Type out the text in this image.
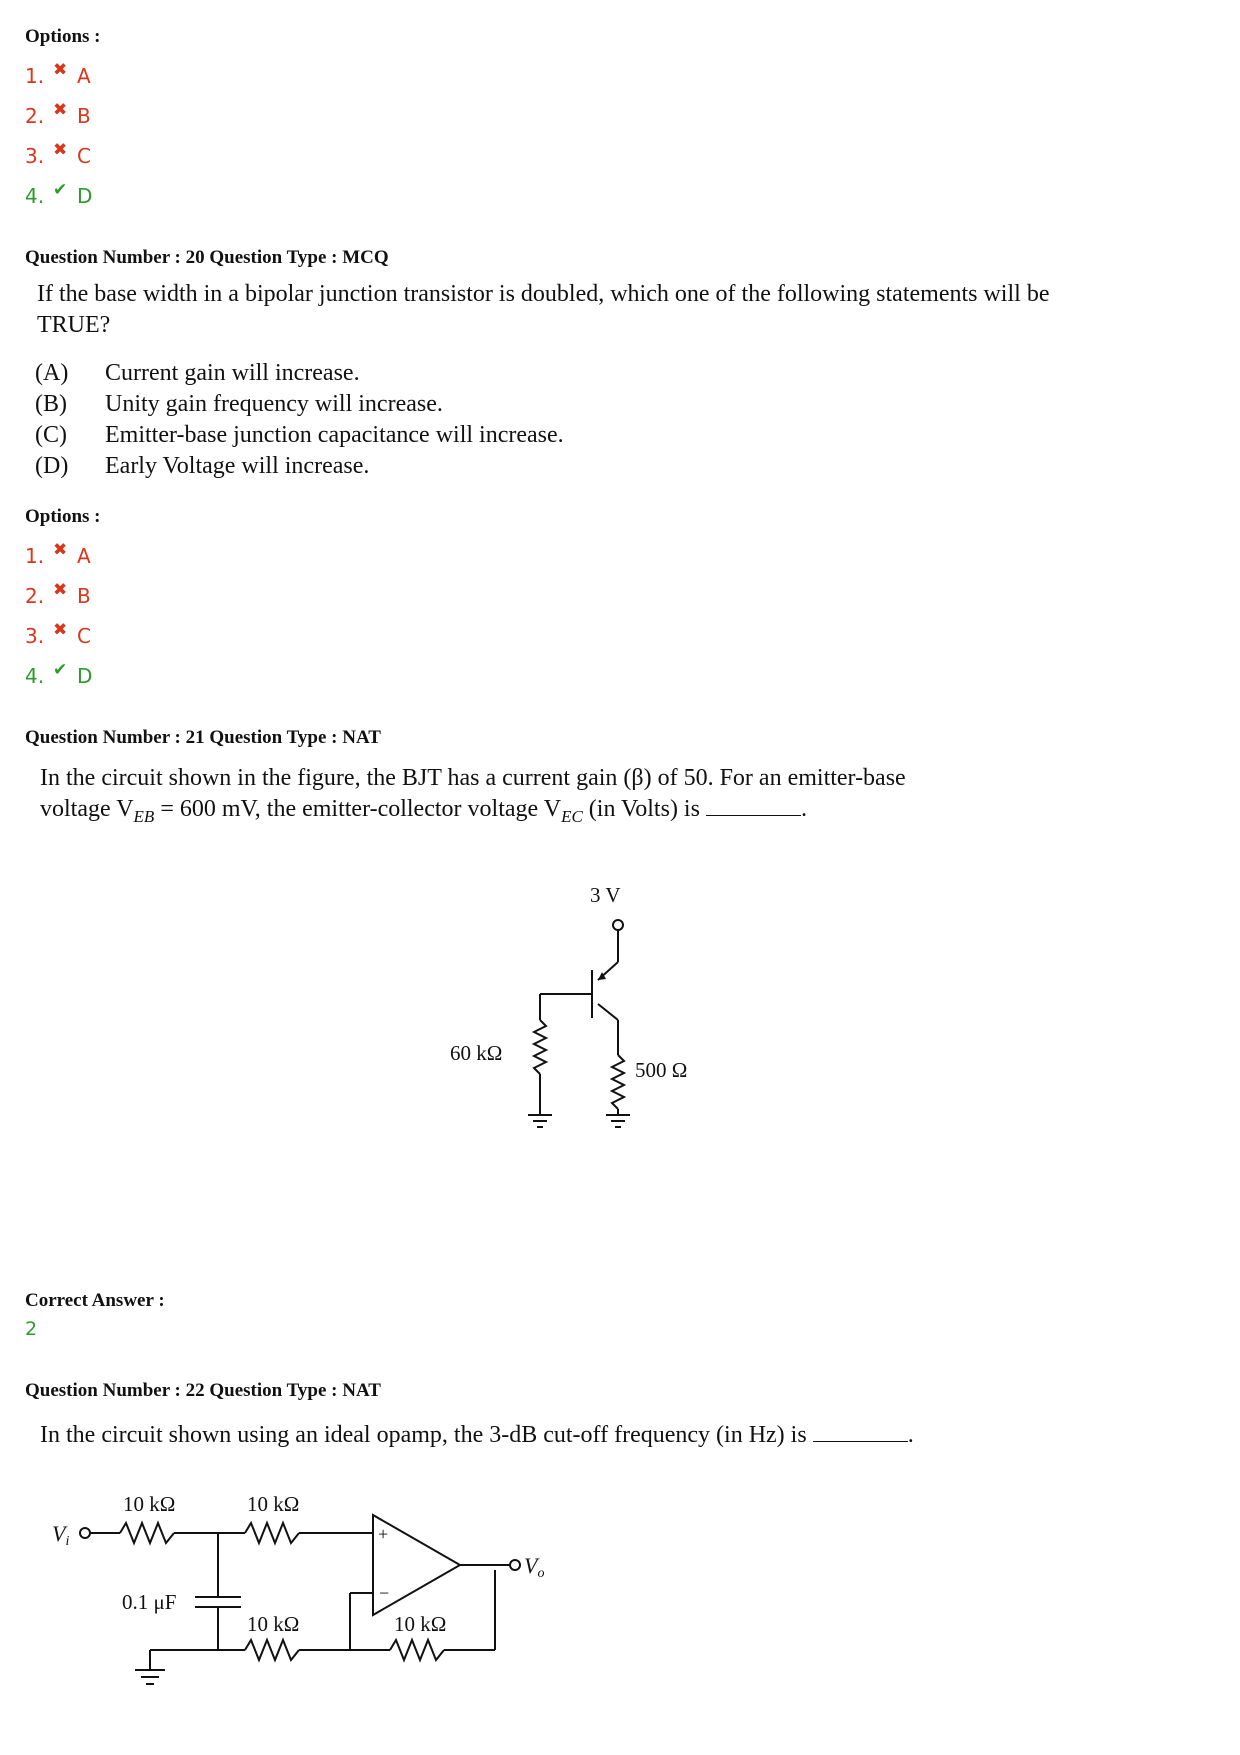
Options :
1. ✖ A
2. ✖ B
3. ✖ C
4. ✔ D
Question Number : 20 Question Type : MCQ
If the base width in a bipolar junction transistor is doubled, which one of the following statements will be TRUE?
(A)	Current gain will increase.
(B)	Unity gain frequency will increase.
(C)	Emitter-base junction capacitance will increase.
(D)	Early Voltage will increase.
Options :
1. ✖ A
2. ✖ B
3. ✖ C
4. ✔ D
Question Number : 21 Question Type : NAT
In the circuit shown in the figure, the BJT has a current gain (β) of 50. For an emitter-base
voltage $V_{EB} = 600$ mV, the emitter-collector voltage $V_{EC}$ (in Volts) is	.
3 V
60 kΩ
500 Ω
Correct Answer :
2
Question Number : 22 Question Type : NAT
In the circuit shown using an ideal opamp, the 3-dB cut-off frequency (in Hz) is	.
10 kΩ	10 kΩ
10 kΩ	10 kΩ
0.1 μF
Vi
Vo
+
−
